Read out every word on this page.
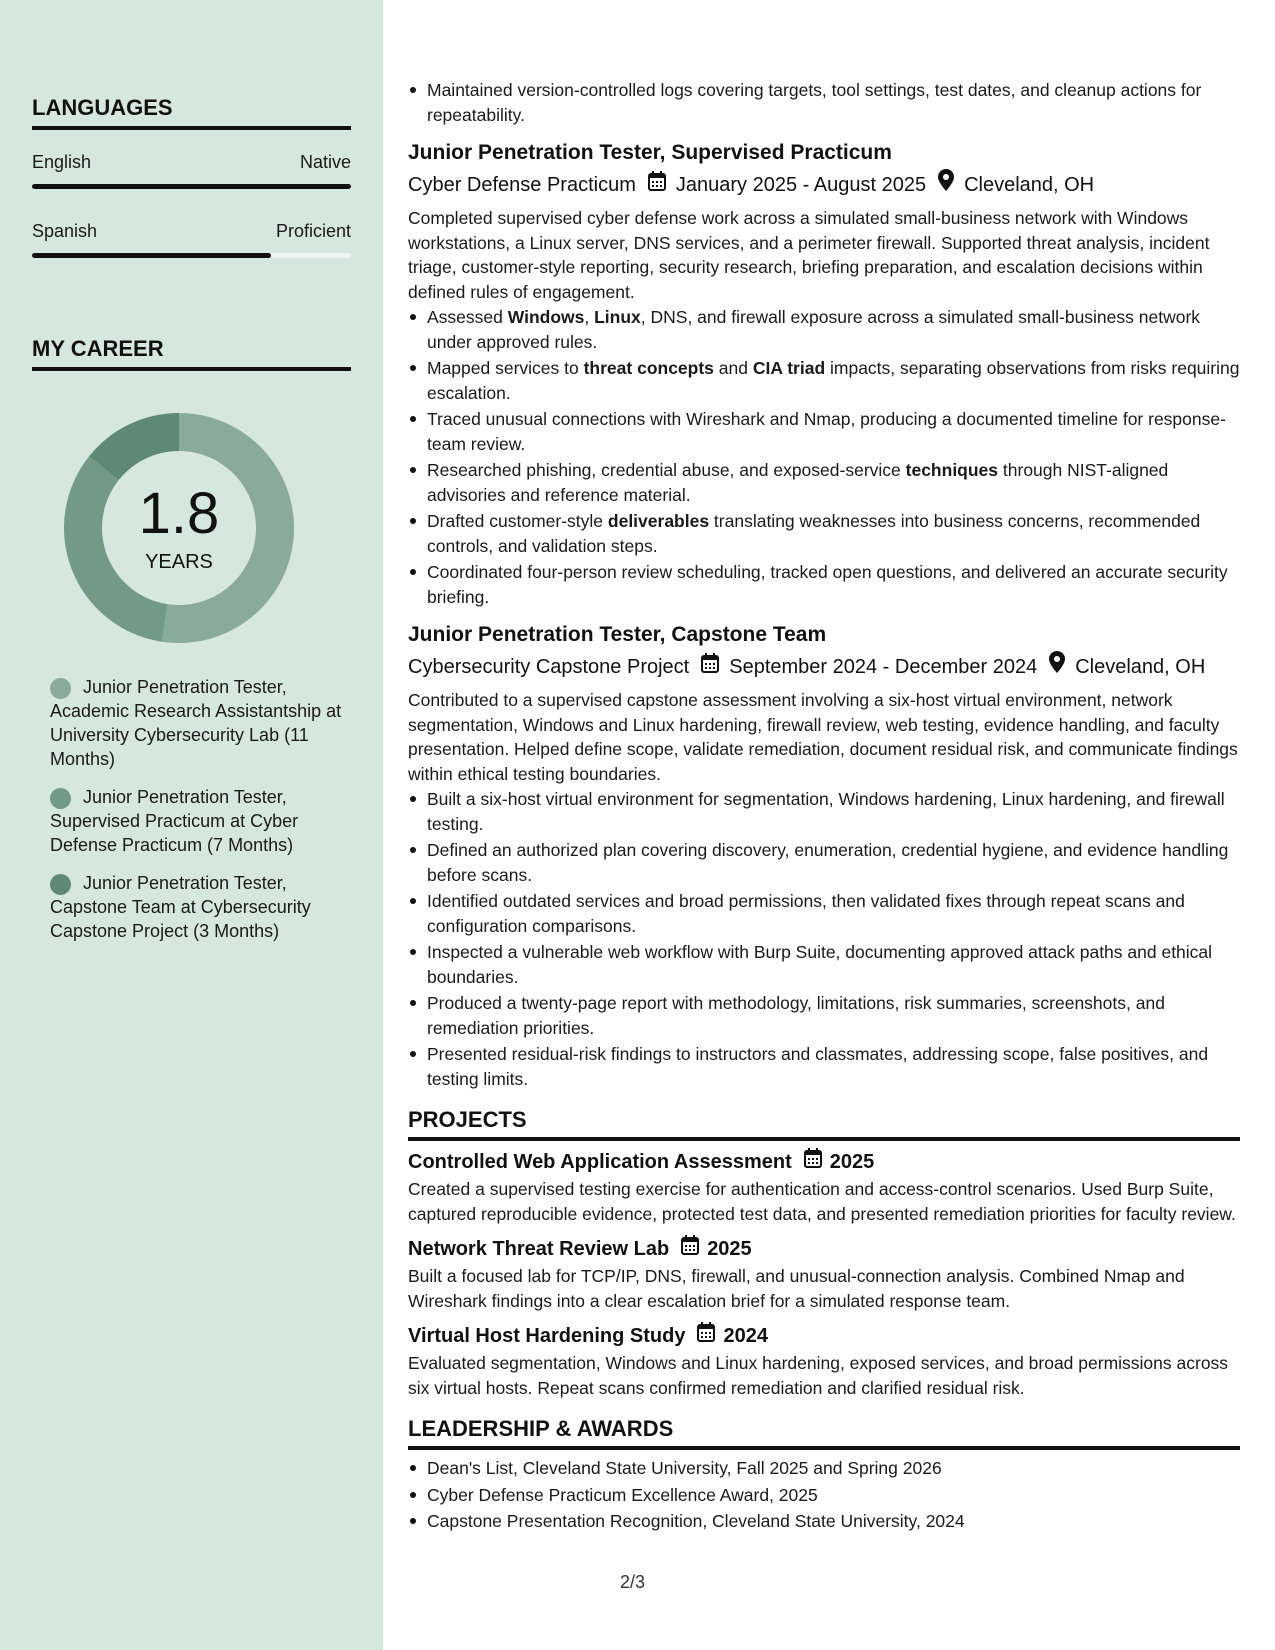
LANGUAGES
English	Native
Spanish	Proficient
MY CAREER
1.8
YEARS
Junior Penetration Tester, Academic Research Assistantship at University Cybersecurity Lab (11 Months)
Junior Penetration Tester, Supervised Practicum at Cyber Defense Practicum (7 Months)
Junior Penetration Tester, Capstone Team at Cybersecurity Capstone Project (3 Months)
Maintained version-controlled logs covering targets, tool settings, test dates, and cleanup actions for repeatability.
Junior Penetration Tester, Supervised Practicum
Cyber Defense Practicum January 2025 - August 2025 Cleveland, OH
Completed supervised cyber defense work across a simulated small-business network with Windows workstations, a Linux server, DNS services, and a perimeter firewall. Supported threat analysis, incident triage, customer-style reporting, security research, briefing preparation, and escalation decisions within defined rules of engagement.
Assessed Windows, Linux, DNS, and firewall exposure across a simulated small-business network under approved rules.
Mapped services to threat concepts and CIA triad impacts, separating observations from risks requiring escalation.
Traced unusual connections with Wireshark and Nmap, producing a documented timeline for response-team review.
Researched phishing, credential abuse, and exposed-service techniques through NIST-aligned advisories and reference material.
Drafted customer-style deliverables translating weaknesses into business concerns, recommended controls, and validation steps.
Coordinated four-person review scheduling, tracked open questions, and delivered an accurate security briefing.
Junior Penetration Tester, Capstone Team
Cybersecurity Capstone Project September 2024 - December 2024 Cleveland, OH
Contributed to a supervised capstone assessment involving a six-host virtual environment, network segmentation, Windows and Linux hardening, firewall review, web testing, evidence handling, and faculty presentation. Helped define scope, validate remediation, document residual risk, and communicate findings within ethical testing boundaries.
Built a six-host virtual environment for segmentation, Windows hardening, Linux hardening, and firewall testing.
Defined an authorized plan covering discovery, enumeration, credential hygiene, and evidence handling before scans.
Identified outdated services and broad permissions, then validated fixes through repeat scans and configuration comparisons.
Inspected a vulnerable web workflow with Burp Suite, documenting approved attack paths and ethical boundaries.
Produced a twenty-page report with methodology, limitations, risk summaries, screenshots, and remediation priorities.
Presented residual-risk findings to instructors and classmates, addressing scope, false positives, and testing limits.
PROJECTS
Controlled Web Application Assessment 2025
Created a supervised testing exercise for authentication and access-control scenarios. Used Burp Suite, captured reproducible evidence, protected test data, and presented remediation priorities for faculty review.
Network Threat Review Lab 2025
Built a focused lab for TCP/IP, DNS, firewall, and unusual-connection analysis. Combined Nmap and Wireshark findings into a clear escalation brief for a simulated response team.
Virtual Host Hardening Study 2024
Evaluated segmentation, Windows and Linux hardening, exposed services, and broad permissions across six virtual hosts. Repeat scans confirmed remediation and clarified residual risk.
LEADERSHIP & AWARDS
Dean's List, Cleveland State University, Fall 2025 and Spring 2026
Cyber Defense Practicum Excellence Award, 2025
Capstone Presentation Recognition, Cleveland State University, 2024
2/3
